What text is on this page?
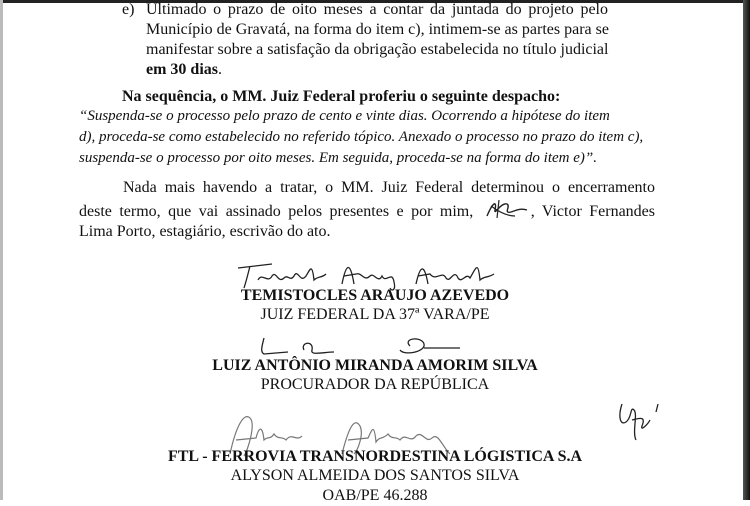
e) Ultimado o prazo de oito meses a contar da juntada do projeto pelo
Município de Gravatá, na forma do item c), intimem-se as partes para se
manifestar sobre a satisfação da obrigação estabelecida no título judicial
em 30 dias.
Na sequência, o MM. Juiz Federal proferiu o seguinte despacho:
“Suspenda-se o processo pelo prazo de cento e vinte dias. Ocorrendo a hipótese do item
d), proceda-se como estabelecido no referido tópico. Anexado o processo no prazo do item c),
suspenda-se o processo por oito meses. Em seguida, proceda-se na forma do item e)”.
Nada mais havendo a tratar, o MM. Juiz Federal determinou o encerramento
deste termo, que vai assinado pelos presentes e por mim,	, Victor Fernandes
Lima Porto, estagiário, escrivão do ato.
TEMISTOCLES ARAUJO AZEVEDO
JUIZ FEDERAL DA 37ª VARA/PE
LUIZ ANTÔNIO MIRANDA AMORIM SILVA
PROCURADOR DA REPÚBLICA
FTL - FERROVIA TRANSNORDESTINA LÓGISTICA S.A
ALYSON ALMEIDA DOS SANTOS SILVA
OAB/PE 46.288
